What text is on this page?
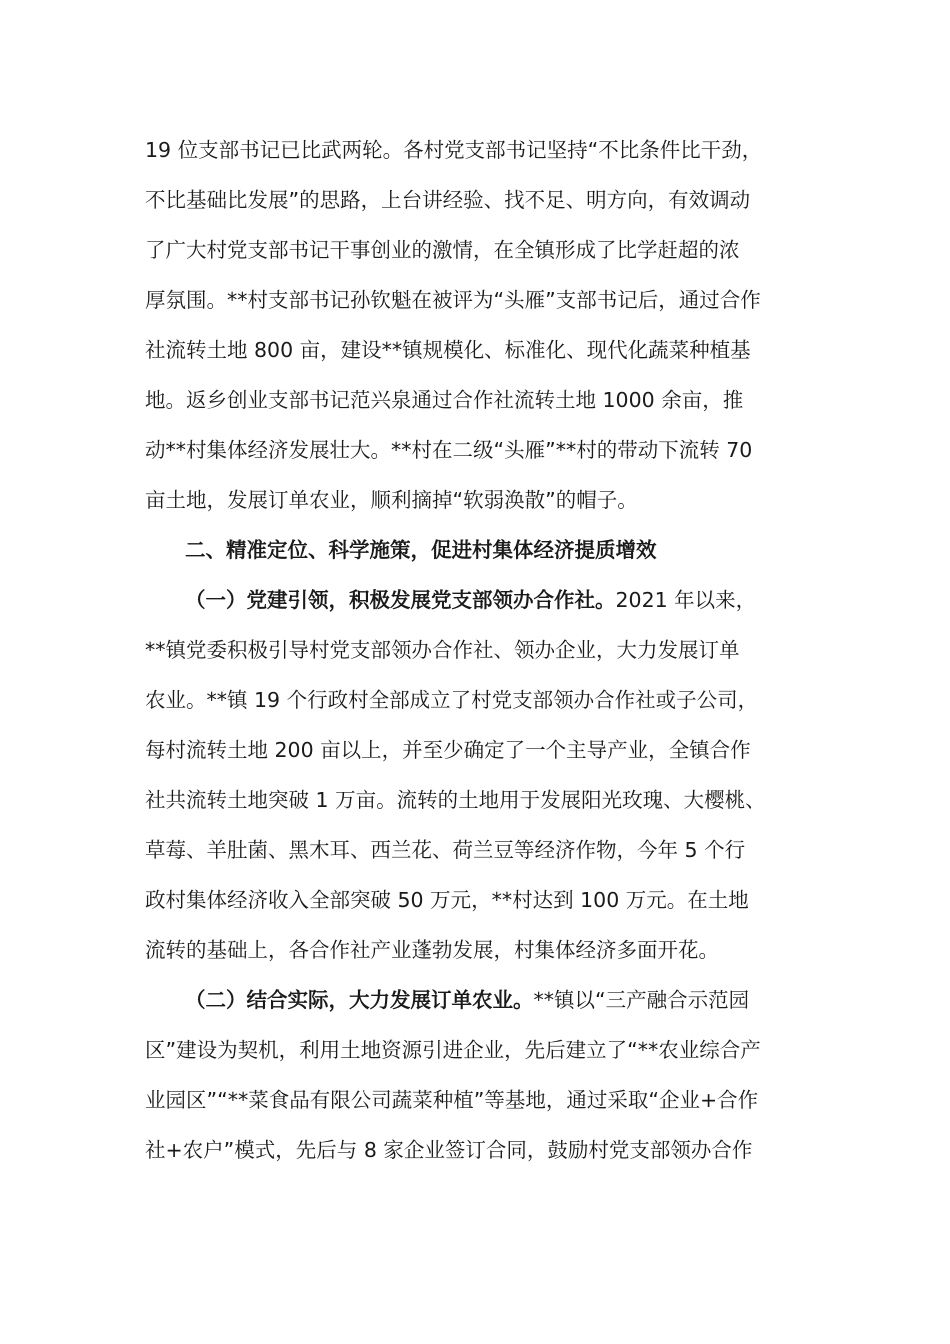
19 位支部书记已比武两轮。各村党支部书记坚持“不比条件比干劲，
不比基础比发展”的思路，上台讲经验、找不足、明方向，有效调动
了广大村党支部书记干事创业的激情，在全镇形成了比学赶超的浓
厚氛围。**村支部书记孙钦魁在被评为“头雁”支部书记后，通过合作
社流转土地 800 亩，建设**镇规模化、标准化、现代化蔬菜种植基
地。返乡创业支部书记范兴泉通过合作社流转土地 1000 余亩，推
动**村集体经济发展壮大。**村在二级“头雁”**村的带动下流转 70
亩土地，发展订单农业，顺利摘掉“软弱涣散”的帽子。
二、精准定位、科学施策，促进村集体经济提质增效
（一）党建引领，积极发展党支部领办合作社。2021 年以来，
**镇党委积极引导村党支部领办合作社、领办企业，大力发展订单
农业。**镇 19 个行政村全部成立了村党支部领办合作社或子公司，
每村流转土地 200 亩以上，并至少确定了一个主导产业，全镇合作
社共流转土地突破 1 万亩。流转的土地用于发展阳光玫瑰、大樱桃、
草莓、羊肚菌、黑木耳、西兰花、荷兰豆等经济作物，今年 5 个行
政村集体经济收入全部突破 50 万元，**村达到 100 万元。在土地
流转的基础上，各合作社产业蓬勃发展，村集体经济多面开花。
（二）结合实际，大力发展订单农业。**镇以“三产融合示范园
区”建设为契机，利用土地资源引进企业，先后建立了“**农业综合产
业园区”“**菜食品有限公司蔬菜种植”等基地，通过采取“企业+合作
社+农户”模式，先后与 8 家企业签订合同，鼓励村党支部领办合作
